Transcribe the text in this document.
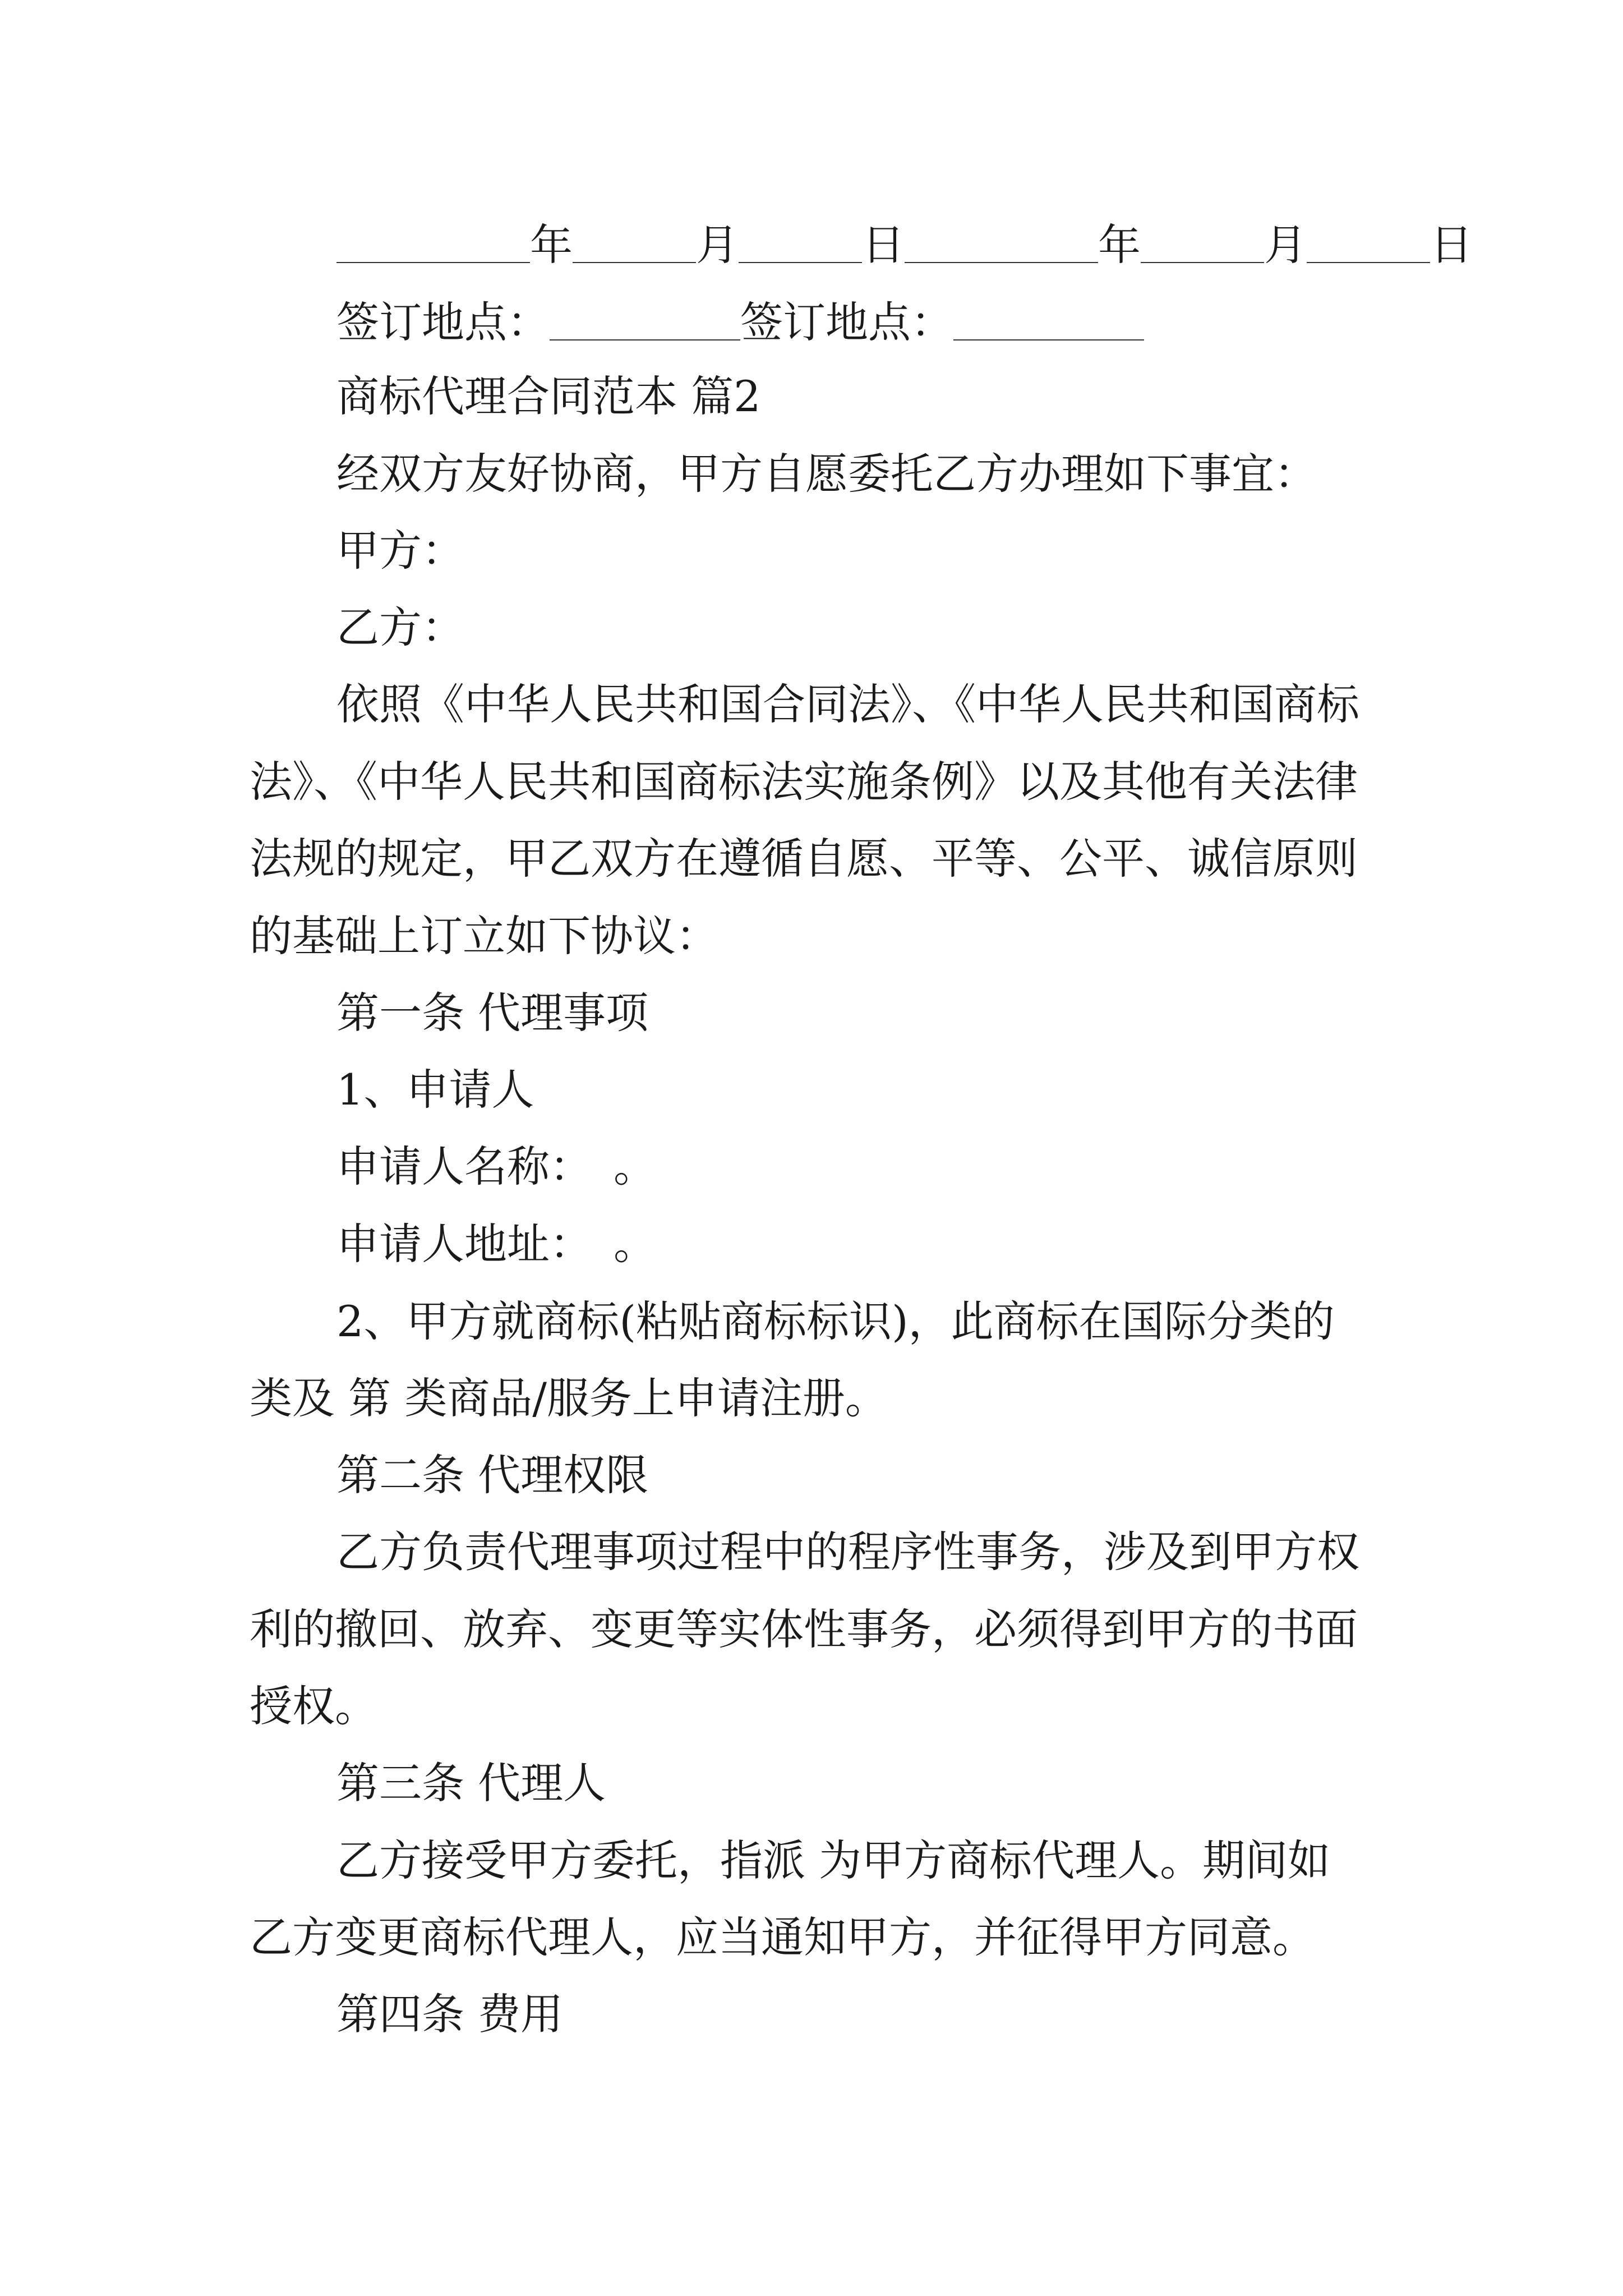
年	月	日	年	月	日
签订地点：	签订地点：
商标代理合同范本 篇2
经双方友好协商，甲方自愿委托乙方办理如下事宜：
甲方：
乙方：
依照《中华人民共和国合同法》、《中华人民共和国商标
法》、《中华人民共和国商标法实施条例》以及其他有关法律
法规的规定，甲乙双方在遵循自愿、平等、公平、诚信原则
的基础上订立如下协议：
第一条 代理事项
1、申请人
申请人名称：　。
申请人地址：　。
2、甲方就商标(粘贴商标标识)，此商标在国际分类的
类及 第 类商品/服务上申请注册。
第二条 代理权限
乙方负责代理事项过程中的程序性事务，涉及到甲方权
利的撤回、放弃、变更等实体性事务，必须得到甲方的书面
授权。
第三条 代理人
乙方接受甲方委托，指派 为甲方商标代理人。期间如
乙方变更商标代理人，应当通知甲方，并征得甲方同意。
第四条 费用
